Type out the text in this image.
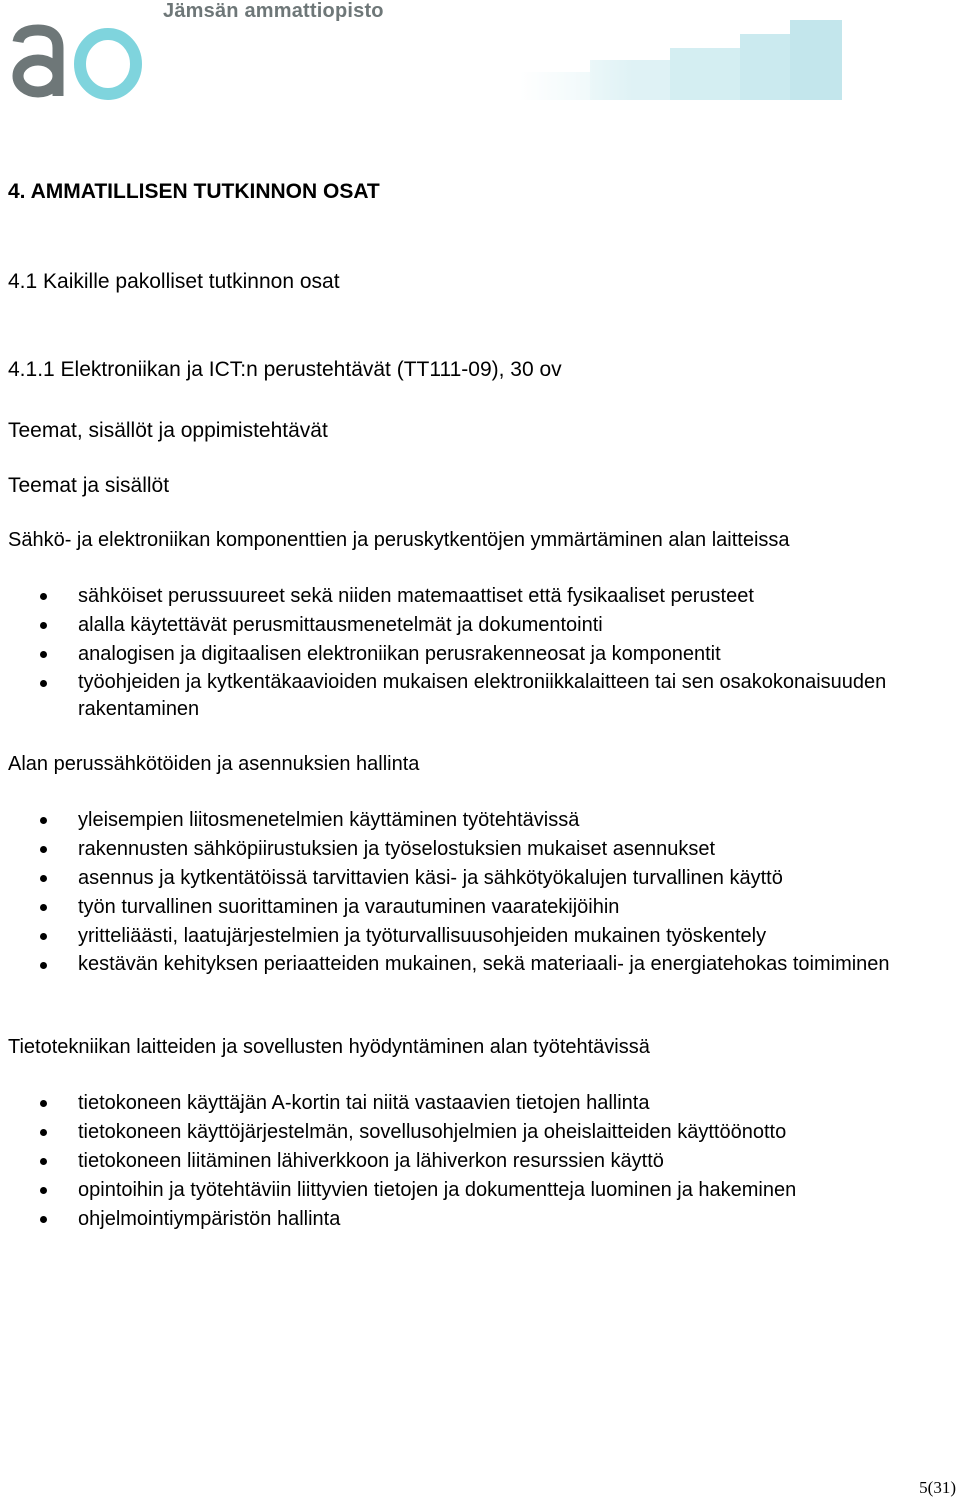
Jämsän ammattiopisto
4. AMMATILLISEN TUTKINNON OSAT
4.1 Kaikille pakolliset tutkinnon osat
4.1.1 Elektroniikan ja ICT:n perustehtävät (TT111-09), 30 ov
Teemat, sisällöt ja oppimistehtävät
Teemat ja sisällöt
Sähkö- ja elektroniikan komponenttien ja peruskytkentöjen ymmärtäminen alan laitteissa
sähköiset perussuureet sekä niiden matemaattiset että fysikaaliset perusteet
alalla käytettävät perusmittausmenetelmät ja dokumentointi
analogisen ja digitaalisen elektroniikan perusrakenneosat ja komponentit
työohjeiden ja kytkentäkaavioiden mukaisen elektroniikkalaitteen tai sen osakokonaisuuden rakentaminen
Alan perussähkötöiden ja asennuksien hallinta
yleisempien liitosmenetelmien käyttäminen työtehtävissä
rakennusten sähköpiirustuksien ja työselostuksien mukaiset asennukset
asennus ja kytkentätöissä tarvittavien käsi- ja sähkötyökalujen turvallinen käyttö
työn turvallinen suorittaminen ja varautuminen vaaratekijöihin
yritteliäästi, laatujärjestelmien ja työturvallisuusohjeiden mukainen työskentely
kestävän kehityksen periaatteiden mukainen, sekä materiaali- ja energiatehokas toimiminen
Tietotekniikan laitteiden ja sovellusten hyödyntäminen alan työtehtävissä
tietokoneen käyttäjän A-kortin tai niitä vastaavien tietojen hallinta
tietokoneen käyttöjärjestelmän, sovellusohjelmien ja oheislaitteiden käyttöönotto
tietokoneen liitäminen lähiverkkoon ja lähiverkon resurssien käyttö
opintoihin ja työtehtäviin liittyvien tietojen ja dokumentteja luominen ja hakeminen
ohjelmointiympäristön hallinta
5(31)
